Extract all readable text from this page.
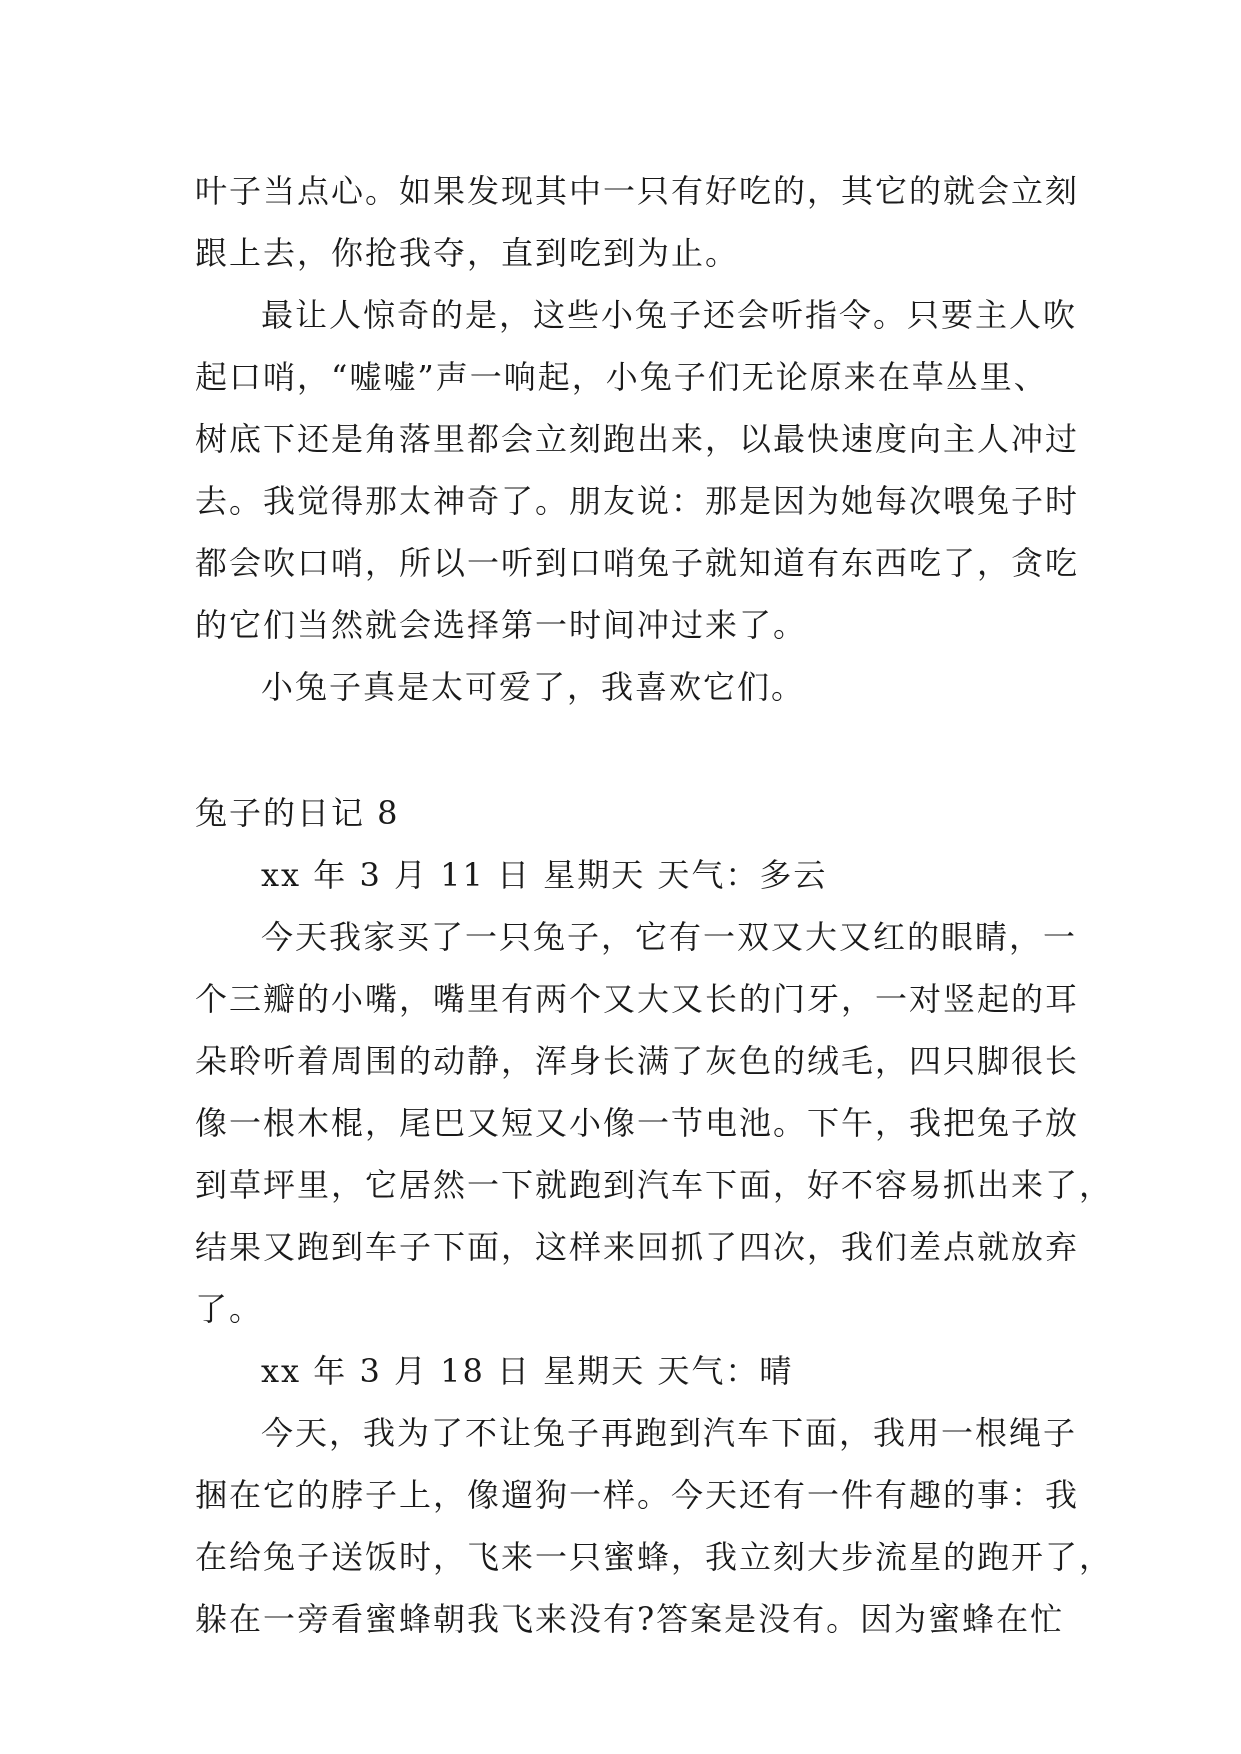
叶子当点心。如果发现其中一只有好吃的，其它的就会立刻
跟上去，你抢我夺，直到吃到为止。
最让人惊奇的是，这些小兔子还会听指令。只要主人吹
起口哨，“嘘嘘”声一响起，小兔子们无论原来在草丛里、
树底下还是角落里都会立刻跑出来，以最快速度向主人冲过
去。我觉得那太神奇了。朋友说：那是因为她每次喂兔子时
都会吹口哨，所以一听到口哨兔子就知道有东西吃了，贪吃
的它们当然就会选择第一时间冲过来了。
小兔子真是太可爱了，我喜欢它们。
兔子的日记 8
xx 年 3 月 11 日 星期天 天气：多云
今天我家买了一只兔子，它有一双又大又红的眼睛，一
个三瓣的小嘴，嘴里有两个又大又长的门牙，一对竖起的耳
朵聆听着周围的动静，浑身长满了灰色的绒毛，四只脚很长
像一根木棍，尾巴又短又小像一节电池。下午，我把兔子放
到草坪里，它居然一下就跑到汽车下面，好不容易抓出来了，
结果又跑到车子下面，这样来回抓了四次，我们差点就放弃
了。
xx 年 3 月 18 日 星期天 天气：晴
今天，我为了不让兔子再跑到汽车下面，我用一根绳子
捆在它的脖子上，像遛狗一样。今天还有一件有趣的事：我
在给兔子送饭时，飞来一只蜜蜂，我立刻大步流星的跑开了，
躲在一旁看蜜蜂朝我飞来没有?答案是没有。因为蜜蜂在忙
